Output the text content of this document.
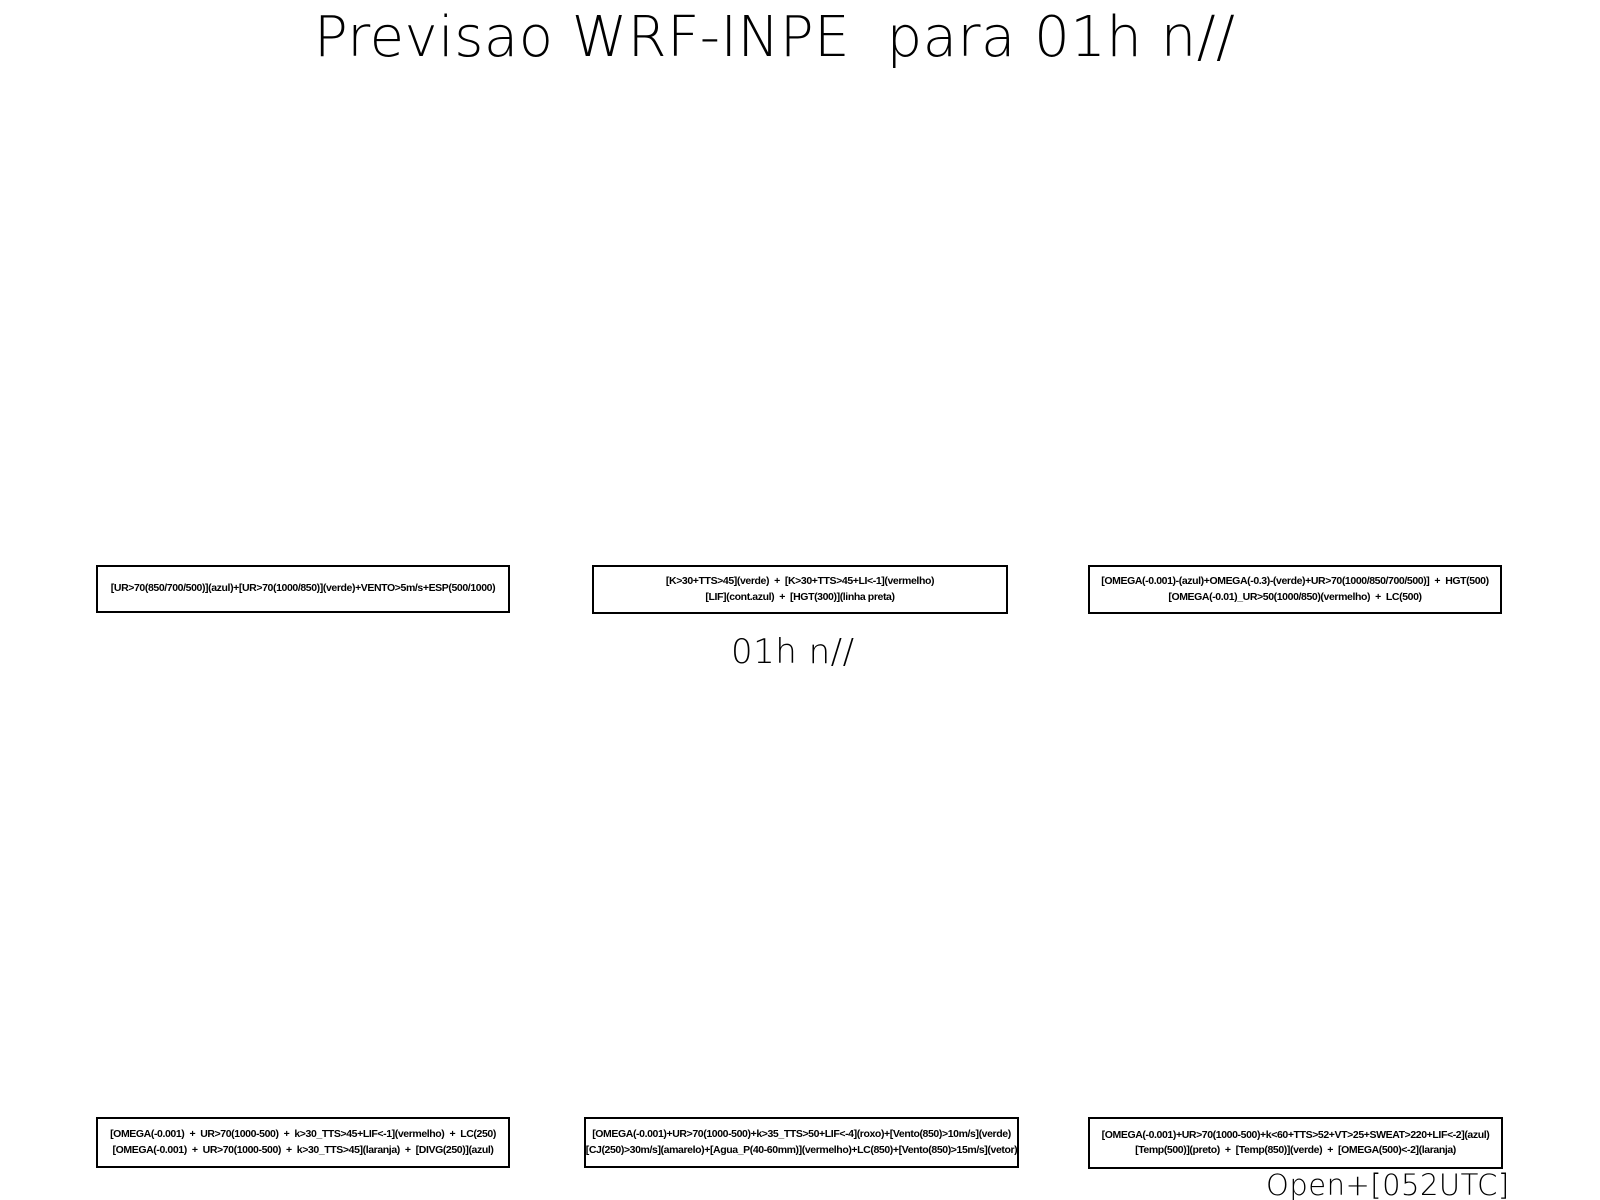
Previsao WRF-INPE  para 01h n//
[UR>70(850/700/500)](azul)+[UR>70(1000/850)](verde)+VENTO>5m/s+ESP(500/1000)
[K>30+TTS>45](verde)  +  [K>30+TTS>45+LI<-1](vermelho)
[LIF](cont.azul)  +  [HGT(300)](linha preta)
[OMEGA(-0.001)-(azul)+OMEGA(-0.3)-(verde)+UR>70(1000/850/700/500)]  +  HGT(500)
[OMEGA(-0.01)_UR>50(1000/850)(vermelho)  +  LC(500)
01h n//
[OMEGA(-0.001)  +  UR>70(1000-500)  +  k>30_TTS>45+LIF<-1](vermelho)  +  LC(250)
[OMEGA(-0.001)  +  UR>70(1000-500)  +  k>30_TTS>45](laranja)  +  [DIVG(250)](azul)
[OMEGA(-0.001)+UR>70(1000-500)+k>35_TTS>50+LIF<-4](roxo)+[Vento(850)>10m/s](verde)
[CJ(250)>30m/s](amarelo)+[Agua_P(40-60mm)](vermelho)+LC(850)+[Vento(850)>15m/s](vetor)
[OMEGA(-0.001)+UR>70(1000-500)+k<60+TTS>52+VT>25+SWEAT>220+LIF<-2](azul)
[Temp(500)](preto)  +  [Temp(850)](verde)  +  [OMEGA(500)<-2](laranja)
Open+[052UTC]
